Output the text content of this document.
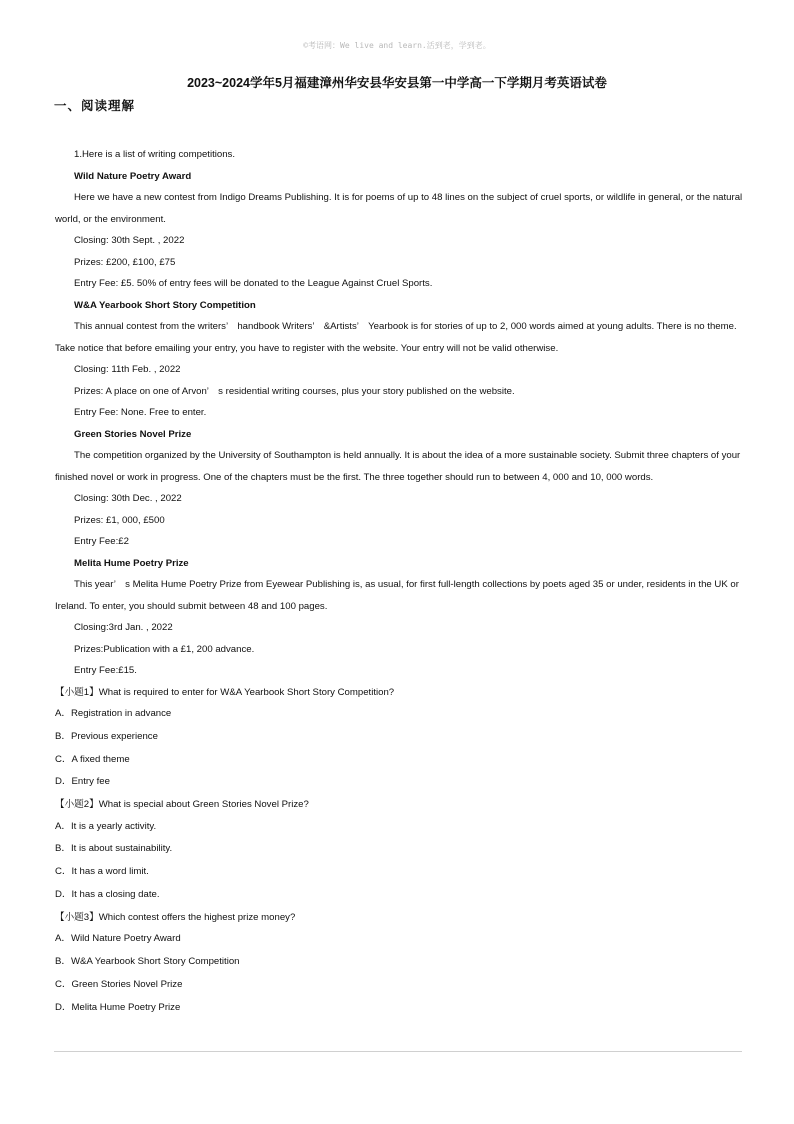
©考语网：We live and learn.活到老，学到老。
2023~2024学年5月福建漳州华安县华安县第一中学高一下学期月考英语试卷
一、阅读理解

1.Here is a list of writing competitions.

Wild Nature Poetry Award

Here we have a new contest from Indigo Dreams Publishing. It is for poems of up to 48 lines on the subject of cruel sports, or wildlife in general, or the natural world, or the environment.

Closing: 30th Sept. , 2022

Prizes: £200, £100, £75

Entry Fee: £5. 50% of entry fees will be donated to the League Against Cruel Sports.

W&A Yearbook Short Story Competition

This annual contest from the writers’　handbook Writers’　&Artists’　Yearbook is for stories of up to 2, 000 words aimed at young adults. There is no theme. Take notice that before emailing your entry, you have to register with the website. Your entry will not be valid otherwise.

Closing: 11th Feb. , 2022

Prizes: A place on one of Arvon’　s residential writing courses, plus your story published on the website.

Entry Fee: None. Free to enter.

Green Stories Novel Prize

The competition organized by the University of Southampton is held annually. It is about the idea of a more sustainable society. Submit three chapters of your finished novel or work in progress. One of the chapters must be the first. The three together should run to between 4, 000 and 10, 000 words.

Closing: 30th Dec. , 2022

Prizes: £1, 000, £500

Entry Fee:£2

Melita Hume Poetry Prize

This year’　s Melita Hume Poetry Prize from Eyewear Publishing is, as usual, for first full-length collections by poets aged 35 or under, residents in the UK or Ireland. To enter, you should submit between 48 and 100 pages.

Closing:3rd Jan. , 2022

Prizes:Publication with a £1, 200 advance.

Entry Fee:£15.

【小题1】What is required to enter for W&A Yearbook Short Story Competition?

A．Registration in advance

B．Previous experience

C．A fixed theme

D．Entry fee

【小题2】What is special about Green Stories Novel Prize?

A．It is a yearly activity.

B．It is about sustainability.

C．It has a word limit.

D．It has a closing date.

【小题3】Which contest offers the highest prize money?

A．Wild Nature Poetry Award

B．W&A Yearbook Short Story Competition

C．Green Stories Novel Prize

D．Melita Hume Poetry Prize
